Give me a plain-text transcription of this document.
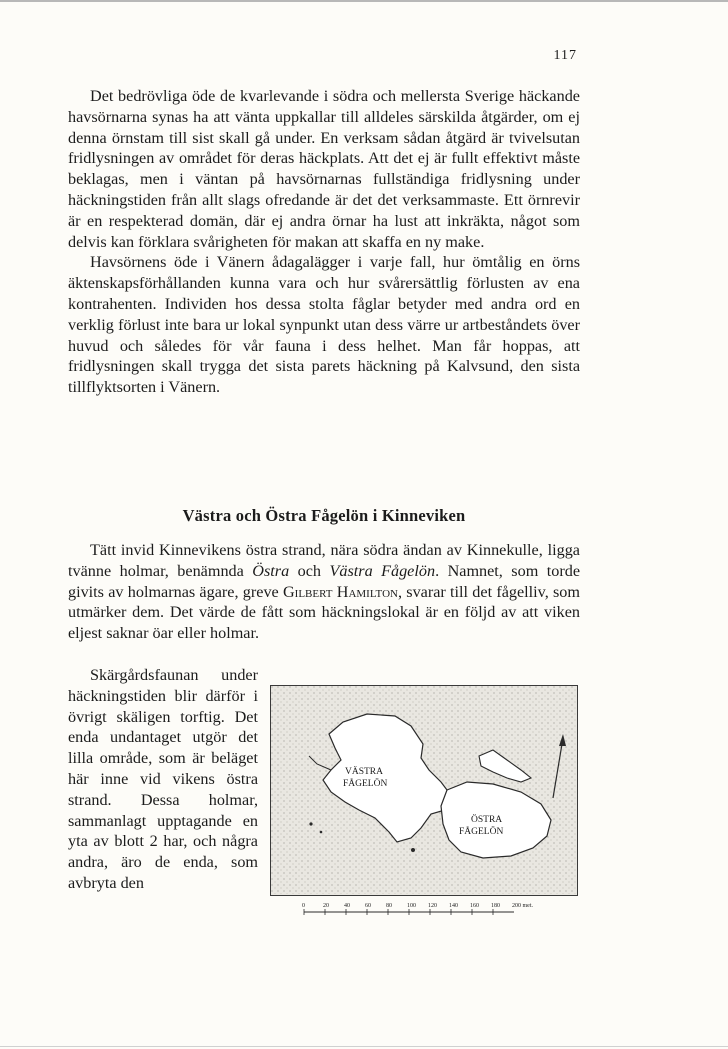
117

Det bedrövliga öde de kvarlevande i södra och mellersta Sverige häckande havsörnarna synas ha att vänta uppkallar till alldeles särskilda åtgärder, om ej denna örnstam till sist skall gå under. En verksam sådan åtgärd är tvivelsutan fridlysningen av området för deras häckplats. Att det ej är fullt effektivt måste beklagas, men i väntan på havsörnarnas fullständiga fridlysning under häckningstiden från allt slags ofredande är det det verksammaste. Ett örnrevir är en respekterad domän, där ej andra örnar ha lust att inkräkta, något som delvis kan förklara svårigheten för makan att skaffa en ny make.

Havsörnens öde i Vänern ådagalägger i varje fall, hur ömtålig en örns äktenskapsförhållanden kunna vara och hur svårersättlig förlusten av ena kontrahenten. Individen hos dessa stolta fåglar betyder med andra ord en verklig förlust inte bara ur lokal synpunkt utan dess värre ur artbeståndets över huvud och således för vår fauna i dess helhet. Man får hoppas, att fridlysningen skall trygga det sista parets häckning på Kalvsund, den sista tillflyktsorten i Vänern.

Västra och Östra Fågelön i Kinneviken

Tätt invid Kinnevikens östra strand, nära södra ändan av Kinnekulle, ligga tvänne holmar, benämnda Östra och Västra Fågelön. Namnet, som torde givits av holmarnas ägare, greve Gilbert Hamilton, svarar till det fågelliv, som utmärker dem. Det värde de fått som häckningslokal är en följd av att viken eljest saknar öar eller holmar.

Skärgårdsfaunan under häckningstiden blir därför i övrigt skäligen torftig. Det enda undantaget utgör det lilla område, som är beläget här inne vid vikens östra strand. Dessa holmar, sammanlagt upptagande en yta av blott 2 har, och några andra, äro de enda, som avbryta den

VÄSTRA
FÅGELÖN
ÖSTRA
FÅGELÖN
0	20	40	60	80	100 120 140 160 180 200 met.
